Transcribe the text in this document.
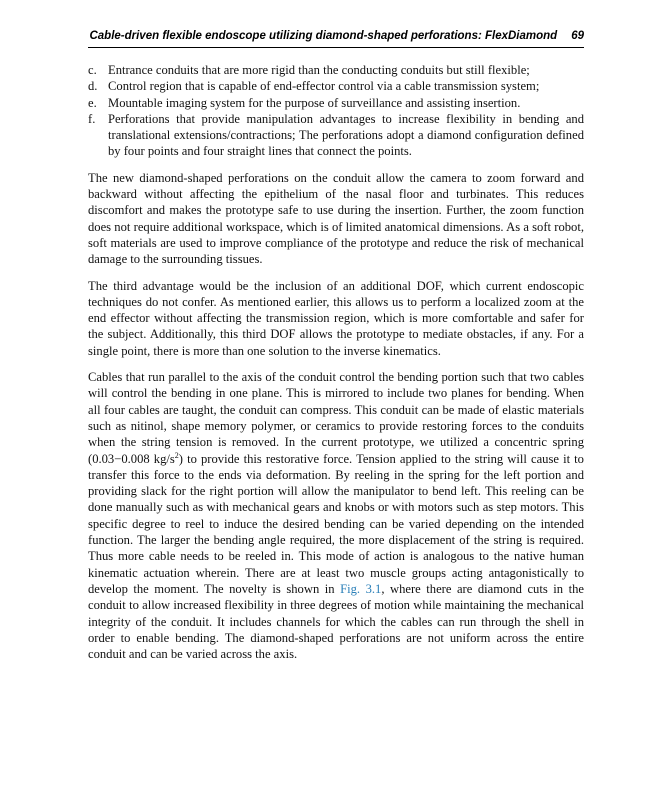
Cable-driven flexible endoscope utilizing diamond-shaped perforations: FlexDiamond 69
c. Entrance conduits that are more rigid than the conducting conduits but still flexible;
d. Control region that is capable of end-effector control via a cable transmission system;
e. Mountable imaging system for the purpose of surveillance and assisting insertion.
f. Perforations that provide manipulation advantages to increase flexibility in bending and translational extensions/contractions; The perforations adopt a diamond configuration defined by four points and four straight lines that connect the points.

The new diamond-shaped perforations on the conduit allow the camera to zoom forward and backward without affecting the epithelium of the nasal floor and turbinates. This reduces discomfort and makes the prototype safe to use during the insertion. Further, the zoom function does not require additional workspace, which is of limited anatomical dimensions. As a soft robot, soft materials are used to improve compliance of the prototype and reduce the risk of mechanical damage to the surrounding tissues.

The third advantage would be the inclusion of an additional DOF, which current endoscopic techniques do not confer. As mentioned earlier, this allows us to perform a localized zoom at the end effector without affecting the transmission region, which is more comfortable and safer for the subject. Additionally, this third DOF allows the prototype to mediate obstacles, if any. For a single point, there is more than one solution to the inverse kinematics.

Cables that run parallel to the axis of the conduit control the bending portion such that two cables will control the bending in one plane. This is mirrored to include two planes for bending. When all four cables are taught, the conduit can compress. This conduit can be made of elastic materials such as nitinol, shape memory polymer, or ceramics to provide restoring forces to the conduits when the string tension is removed. In the current prototype, we utilized a concentric spring (0.03−0.008 $kg/s^2$) to provide this restorative force. Tension applied to the string will cause it to transfer this force to the ends via deformation. By reeling in the spring for the left portion and providing slack for the right portion will allow the manipulator to bend left. This reeling can be done manually such as with mechanical gears and knobs or with motors such as step motors. This specific degree to reel to induce the desired bending can be varied depending on the intended function. The larger the bending angle required, the more displacement of the string is required. Thus more cable needs to be reeled in. This mode of action is analogous to the native human kinematic actuation wherein. There are at least two muscle groups acting antagonistically to develop the moment. The novelty is shown in Fig. 3.1, where there are diamond cuts in the conduit to allow increased flexibility in three degrees of motion while maintaining the mechanical integrity of the conduit. It includes channels for which the cables can run through the shell in order to enable bending. The diamond-shaped perforations are not uniform across the entire conduit and can be varied across the axis.
